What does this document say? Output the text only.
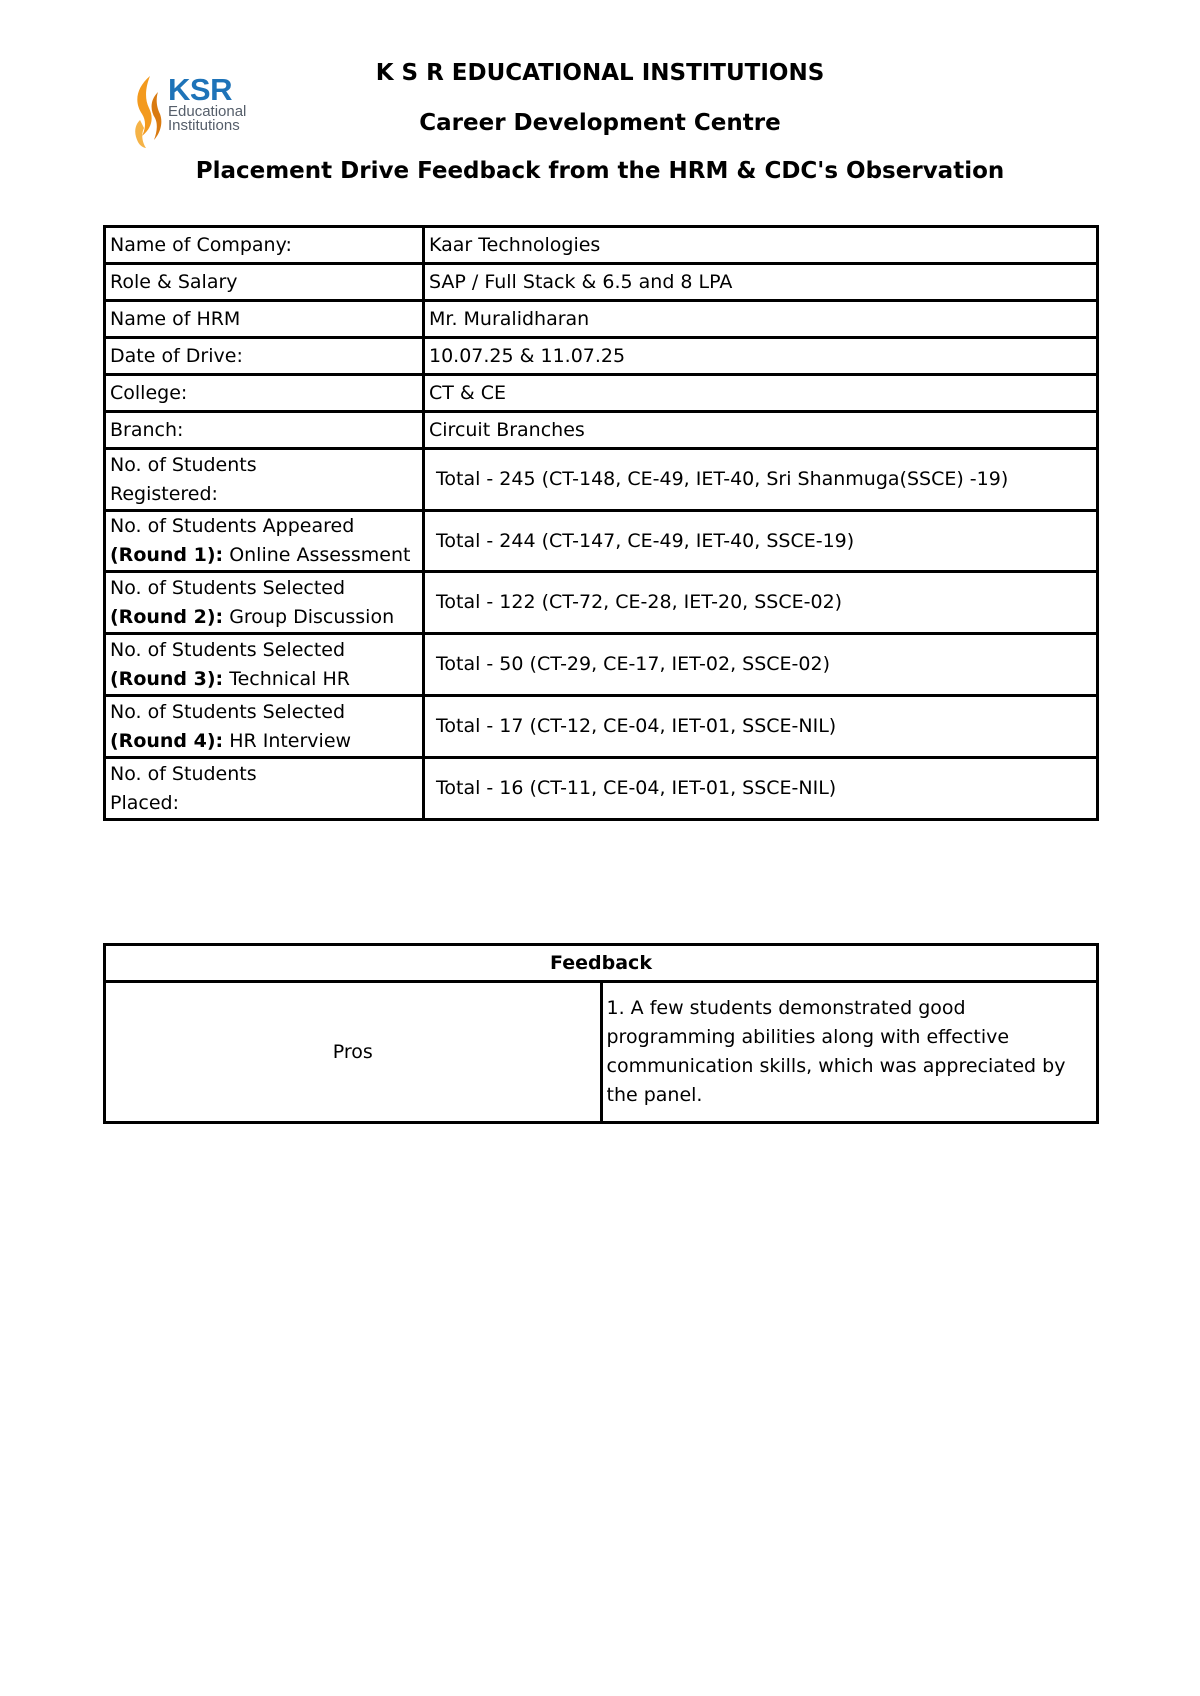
KSR
Educational
Institutions
K S R EDUCATIONAL INSTITUTIONS
Career Development Centre
Placement Drive Feedback from the HRM & CDC's Observation
Name of Company:	Kaar Technologies
Role & Salary	SAP / Full Stack & 6.5 and 8 LPA
Name of HRM	Mr. Muralidharan
Date of Drive:	10.07.25 & 11.07.25
College:	CT & CE
Branch:	Circuit Branches

No. of Students
Registered:	Total - 245 (CT-148, CE-49, IET-40, Sri Shanmuga(SSCE) -19)

No. of Students Appeared
(Round 1): Online Assessment	Total - 244 (CT-147, CE-49, IET-40, SSCE-19)

No. of Students Selected
(Round 2): Group Discussion	Total - 122 (CT-72, CE-28, IET-20, SSCE-02)

No. of Students Selected
(Round 3): Technical HR	Total - 50 (CT-29, CE-17, IET-02, SSCE-02)

No. of Students Selected
(Round 4): HR Interview	Total - 17 (CT-12, CE-04, IET-01, SSCE-NIL)

No. of Students
Placed:	Total - 16 (CT-11, CE-04, IET-01, SSCE-NIL)
Feedback
Pros	1. A few students demonstrated good programming abilities along with effective communication skills, which was appreciated by the panel.
